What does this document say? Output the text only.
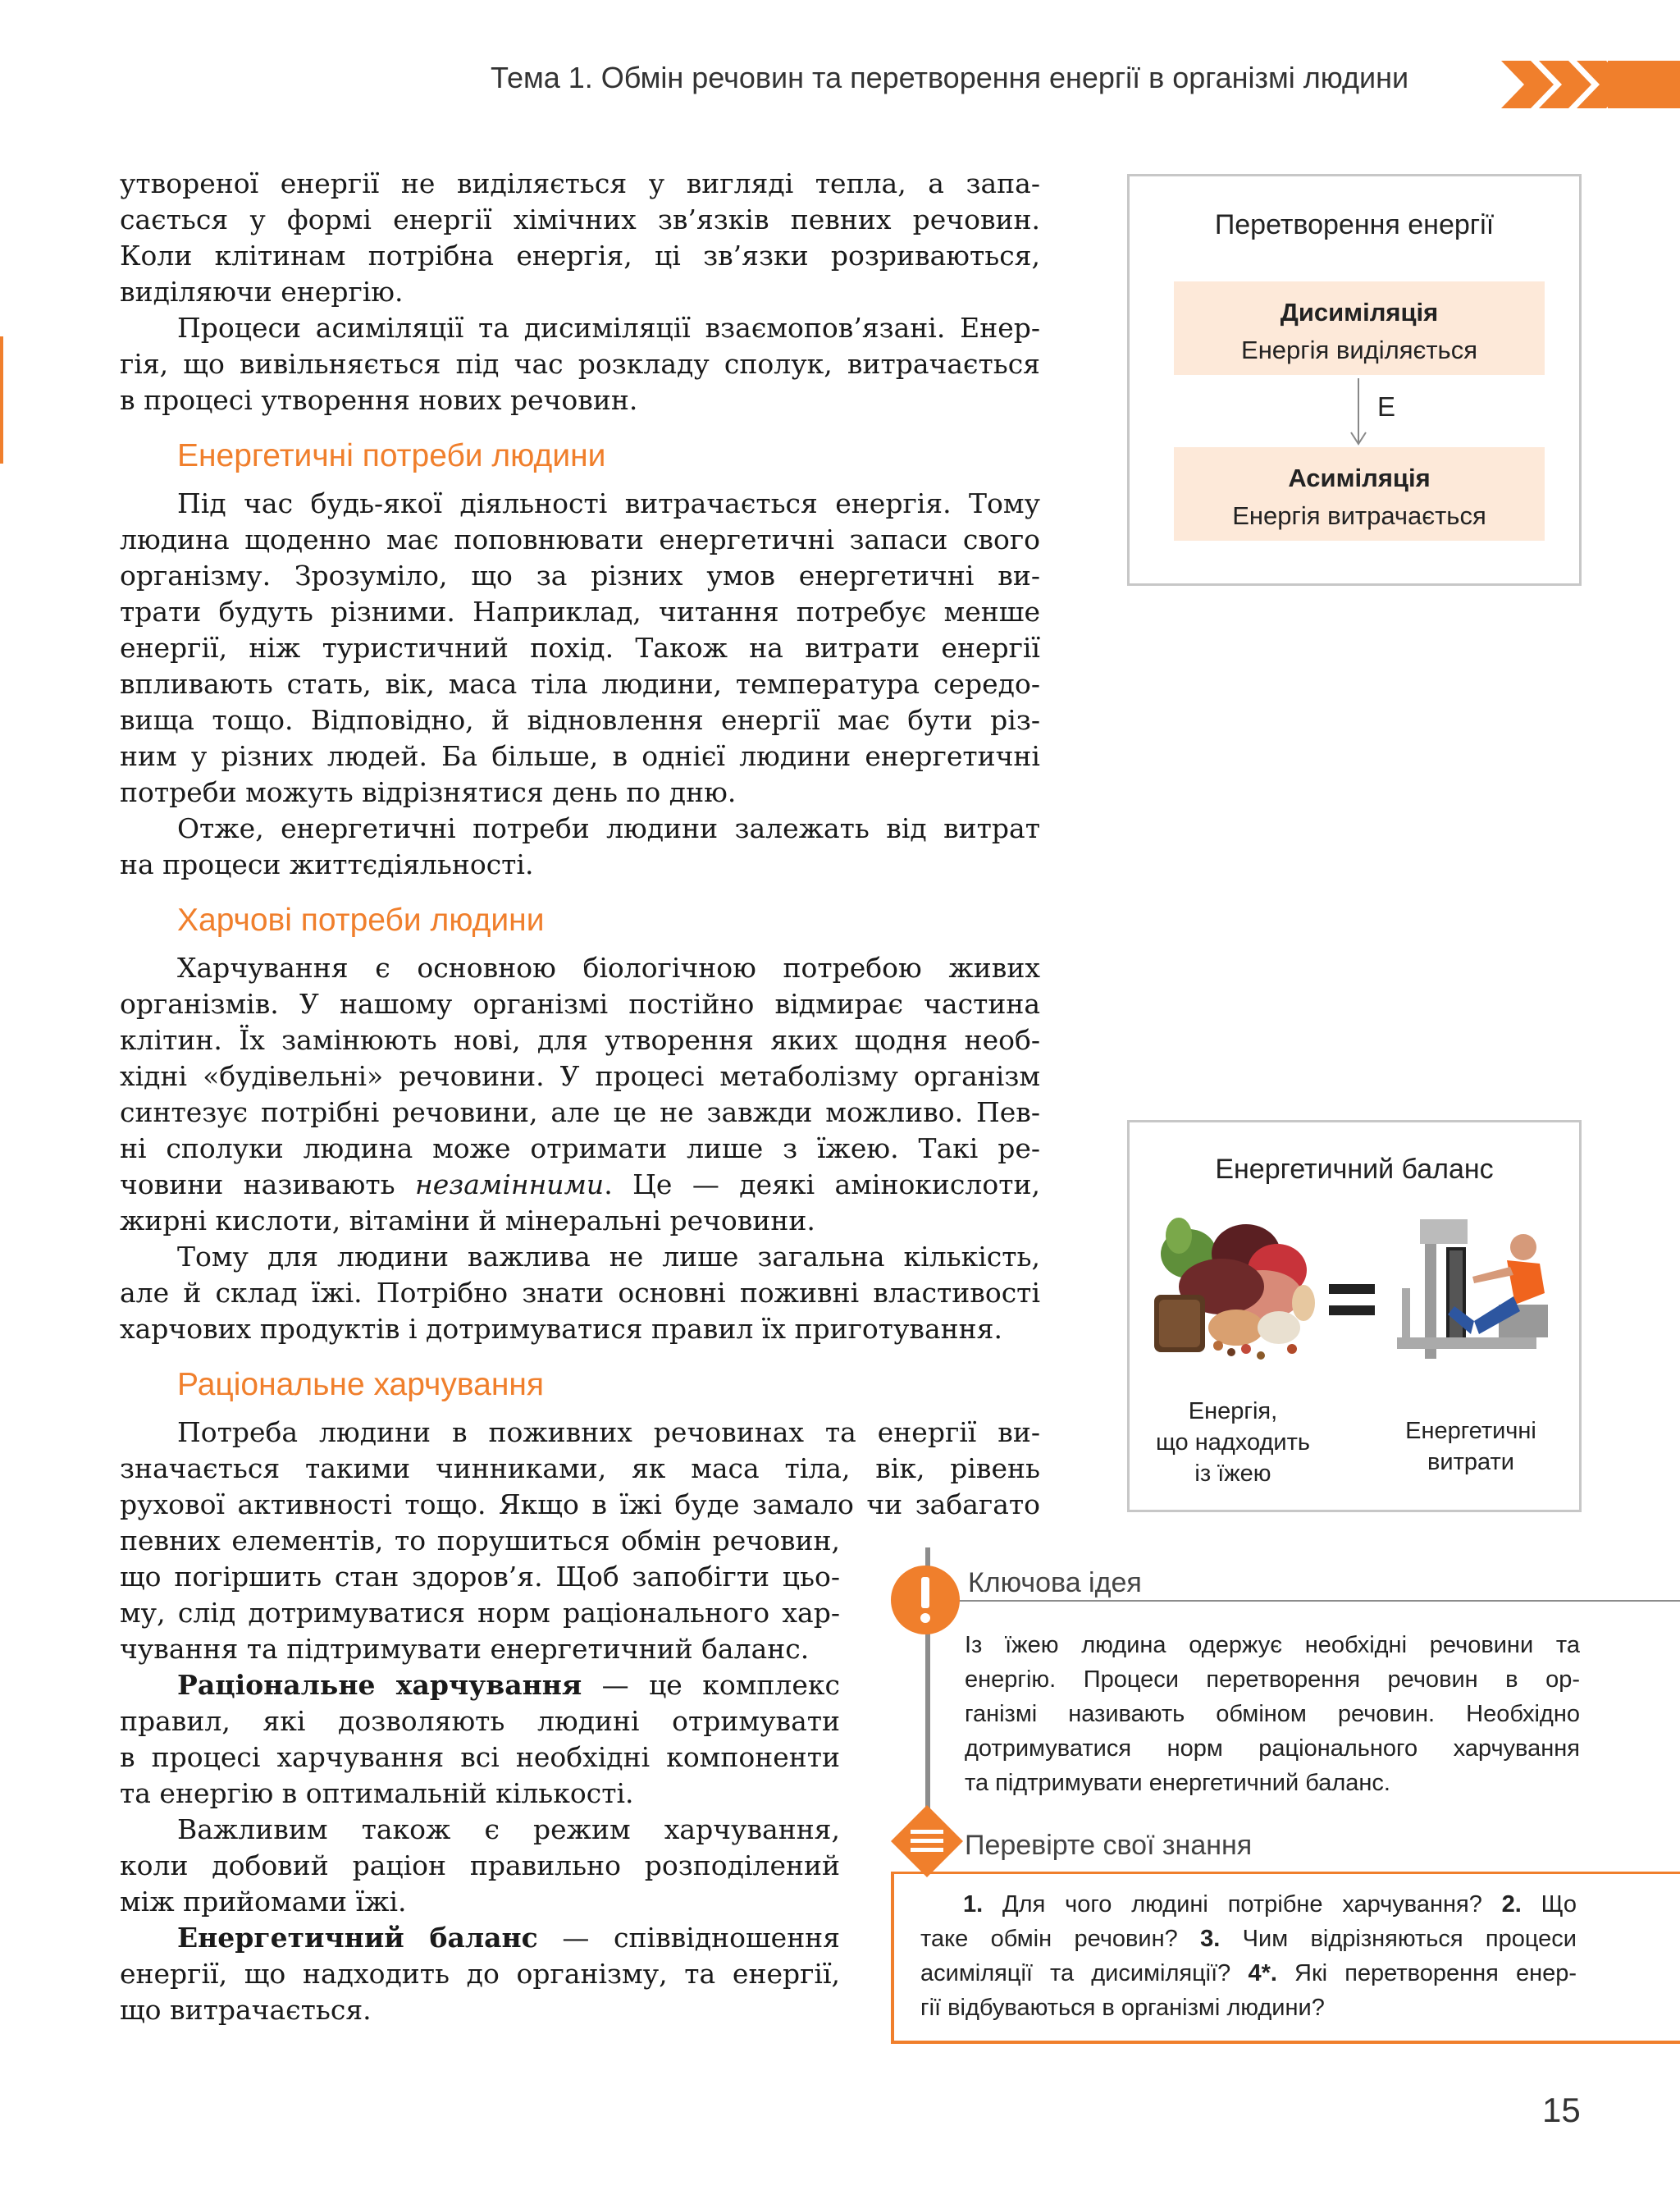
Тема 1. Обмін речовин та перетворення енергії в організмі людини

утвореної енергії не виділяється у вигляді тепла, а запа-

сається у формі енергії хімічних зв’язків певних речовин.

Коли клітинам потрібна енергія, ці зв’язки розриваються,

виділяючи енергію.

Процеси асиміляції та дисиміляції взаємопов’язані. Енер-

гія, що вивільняється під час розкладу сполук, витрачається

в процесі утворення нових речовин.

Енергетичні потреби людини

Під час будь-якої діяльності витрачається енергія. Тому

людина щоденно має поповнювати енергетичні запаси свого

організму. Зрозуміло, що за різних умов енергетичні ви-

трати будуть різними. Наприклад, читання потребує менше

енергії, ніж туристичний похід. Також на витрати енергії

впливають стать, вік, маса тіла людини, температура середо-

вища тощо. Відповідно, й відновлення енергії має бути різ-

ним у різних людей. Ба більше, в однієї людини енергетичні

потреби можуть відрізнятися день по дню.

Отже, енергетичні потреби людини залежать від витрат

на процеси життєдіяльності.

Харчові потреби людини

Харчування є основною біологічною потребою живих

організмів. У нашому організмі постійно відмирає частина

клітин. Їх замінюють нові, для утворення яких щодня необ-

хідні «будівельні» речовини. У процесі метаболізму організм

синтезує потрібні речовини, але це не завжди можливо. Пев-

ні сполуки людина може отримати лише з їжею. Такі ре-

човини називають незамінними. Це — деякі амінокислоти,

жирні кислоти, вітаміни й мінеральні речовини.

Тому для людини важлива не лише загальна кількість,

але й склад їжі. Потрібно знати основні поживні властивості

харчових продуктів і дотримуватися правил їх приготування.

Раціональне харчування

Потреба людини в поживних речовинах та енергії ви-

значається такими чинниками, як маса тіла, вік, рівень

рухової активності тощо. Якщо в їжі буде замало чи забагато

певних елементів, то порушиться обмін речовин,

що погіршить стан здоров’я. Щоб запобігти цьо-

му, слід дотримуватися норм раціонального хар-

чування та підтримувати енергетичний баланс.

Раціональне харчування — це комплекс

правил, які дозволяють людині отримувати

в процесі харчування всі необхідні компоненти

та енергію в оптимальній кількості.

Важливим також є режим харчування,

коли добовий раціон правильно розподілений

між прийомами їжі.

Енергетичний баланс — співвідношення

енергії, що надходить до організму, та енергії,

що витрачається.

Перетворення енергії
Дисиміляція
Енергія виділяється
E
Асиміляція
Енергія витрачається
Енергетичний баланс
Енергія,
що надходить
із їжею
Енергетичні
витрати
Ключова ідея

Із їжею людина одержує необхідні речовини та

енергію. Процеси перетворення речовин в ор-

ганізмі називають обміном речовин. Необхідно

дотримуватися норм раціонального харчування

та підтримувати енергетичний баланс.

Перевірте свої знання

1. Для чого людині потрібне харчування? 2. Що

таке обмін речовин? 3. Чим відрізняються процеси

асиміляції та дисиміляції? 4*. Які перетворення енер-

гії відбуваються в організмі людини?

15
